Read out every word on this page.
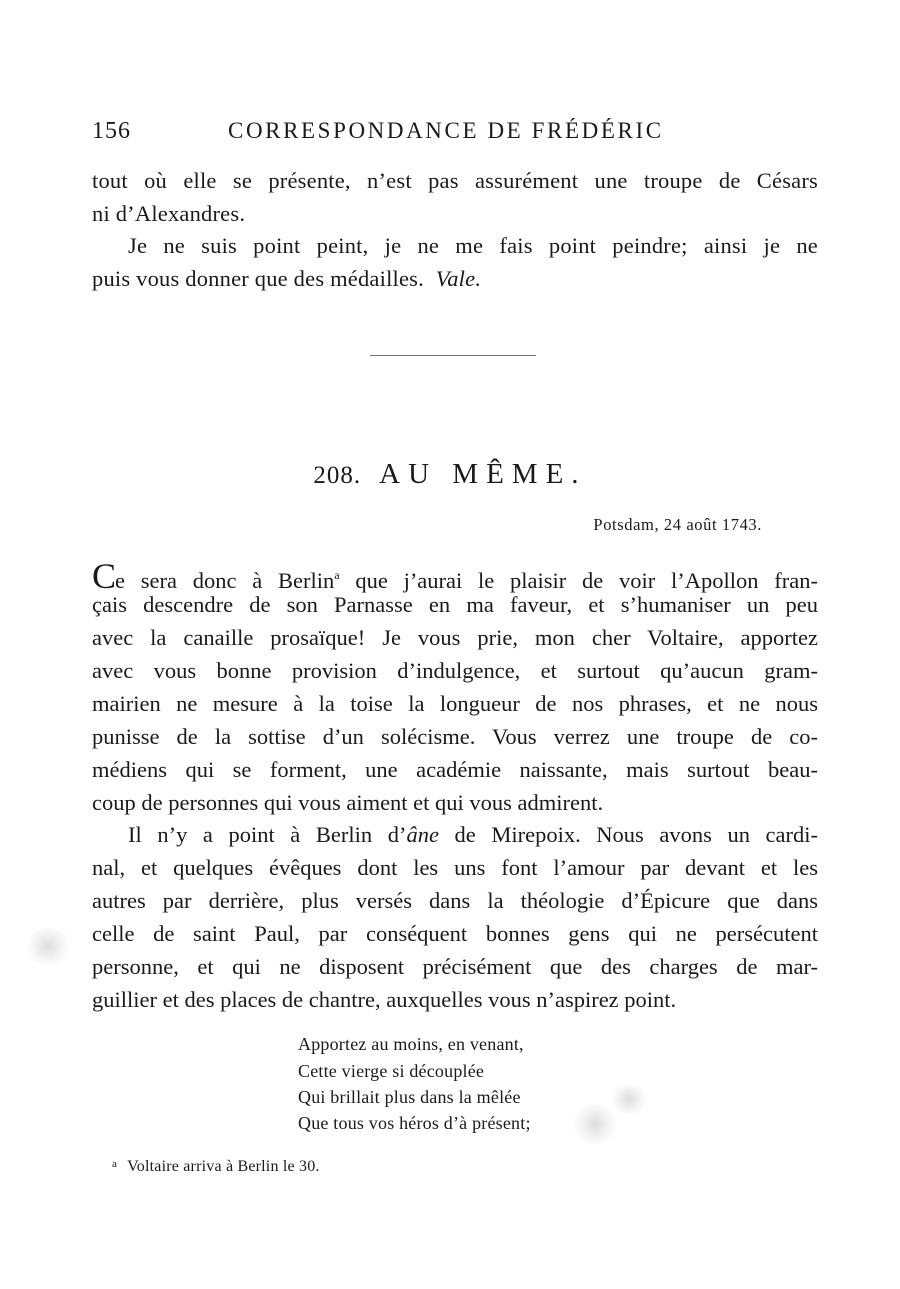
156	CORRESPONDANCE DE FRÉDÉRIC
tout où elle se présente, n’est pas assurément une troupe de Césars
ni d’Alexandres.
Je ne suis point peint, je ne me fais point peindre; ainsi je ne
puis vous donner que des médailles. Vale.
208. AU MÊME.
Potsdam, 24 août 1743.
Ce sera donc à Berlin$^a$ que j’aurai le plaisir de voir l’Apollon fran-
çais descendre de son Parnasse en ma faveur, et s’humaniser un peu
avec la canaille prosaïque! Je vous prie, mon cher Voltaire, apportez
avec vous bonne provision d’indulgence, et surtout qu’aucun gram-
mairien ne mesure à la toise la longueur de nos phrases, et ne nous
punisse de la sottise d’un solécisme. Vous verrez une troupe de co-
médiens qui se forment, une académie naissante, mais surtout beau-
coup de personnes qui vous aiment et qui vous admirent.
Il n’y a point à Berlin d’âne de Mirepoix. Nous avons un cardi-
nal, et quelques évêques dont les uns font l’amour par devant et les
autres par derrière, plus versés dans la théologie d’Épicure que dans
celle de saint Paul, par conséquent bonnes gens qui ne persécutent
personne, et qui ne disposent précisément que des charges de mar-
guillier et des places de chantre, auxquelles vous n’aspirez point.
Apportez au moins, en venant,
Cette vierge si découplée
Qui brillait plus dans la mêlée
Que tous vos héros d’à présent;
$^a$ Voltaire arriva à Berlin le 30.
